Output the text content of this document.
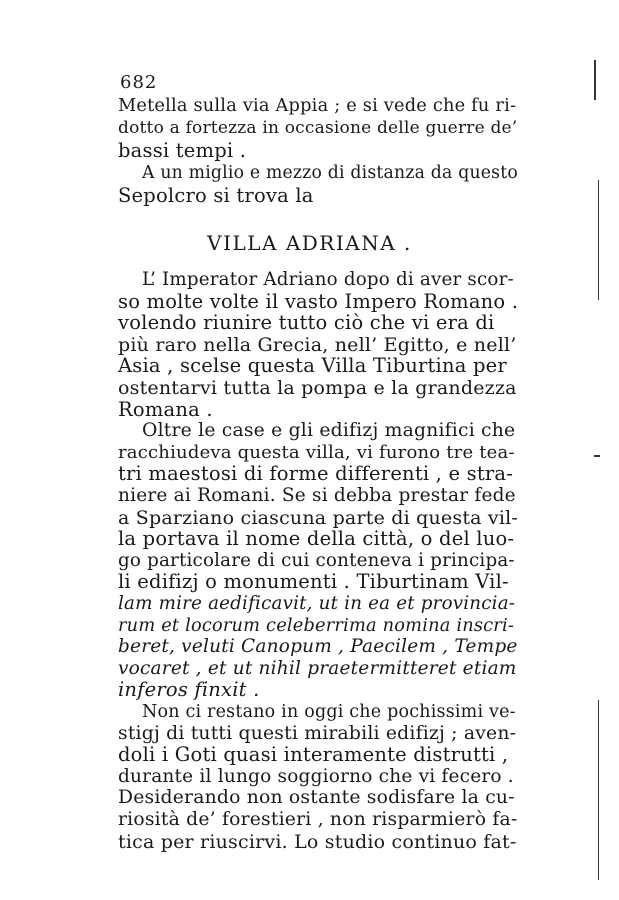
682
Metella sulla via Appia ; e si vede che fu ri-
dotto a fortezza in occasione delle guerre de’
bassi tempi .
A un miglio e mezzo di distanza da questo
Sepolcro si trova la
VILLA ADRIANA .
L’ Imperator Adriano dopo di aver scor-
so molte volte il vasto Impero Romano .
volendo riunire tutto ciò che vi era di
più raro nella Grecia, nell’ Egitto, e nell’
Asia , scelse questa Villa Tiburtina per
ostentarvi tutta la pompa e la grandezza
Romana .
Oltre le case e gli edifizj magnifici che
racchiudeva questa villa, vi furono tre tea-
tri maestosi di forme differenti , e stra-
niere ai Romani. Se si debba prestar fede
a Sparziano ciascuna parte di questa vil-
la portava il nome della città, o del luo-
go particolare di cui conteneva i principa-
li edifizj o monumenti . Tiburtinam Vil-
lam mire aedificavit, ut in ea et provincia-
rum et locorum celeberrima nomina inscri-
beret, veluti Canopum , Paecilem , Tempe
vocaret , et ut nihil praetermitteret etiam
inferos finxit .
Non ci restano in oggi che pochissimi ve-
stigj di tutti questi mirabili edifizj ; aven-
doli i Goti quasi interamente distrutti ,
durante il lungo soggiorno che vi fecero .
Desiderando non ostante sodisfare la cu-
riosità de’ forestieri , non risparmierò fa-
tica per riuscirvi. Lo studio continuo fat-
